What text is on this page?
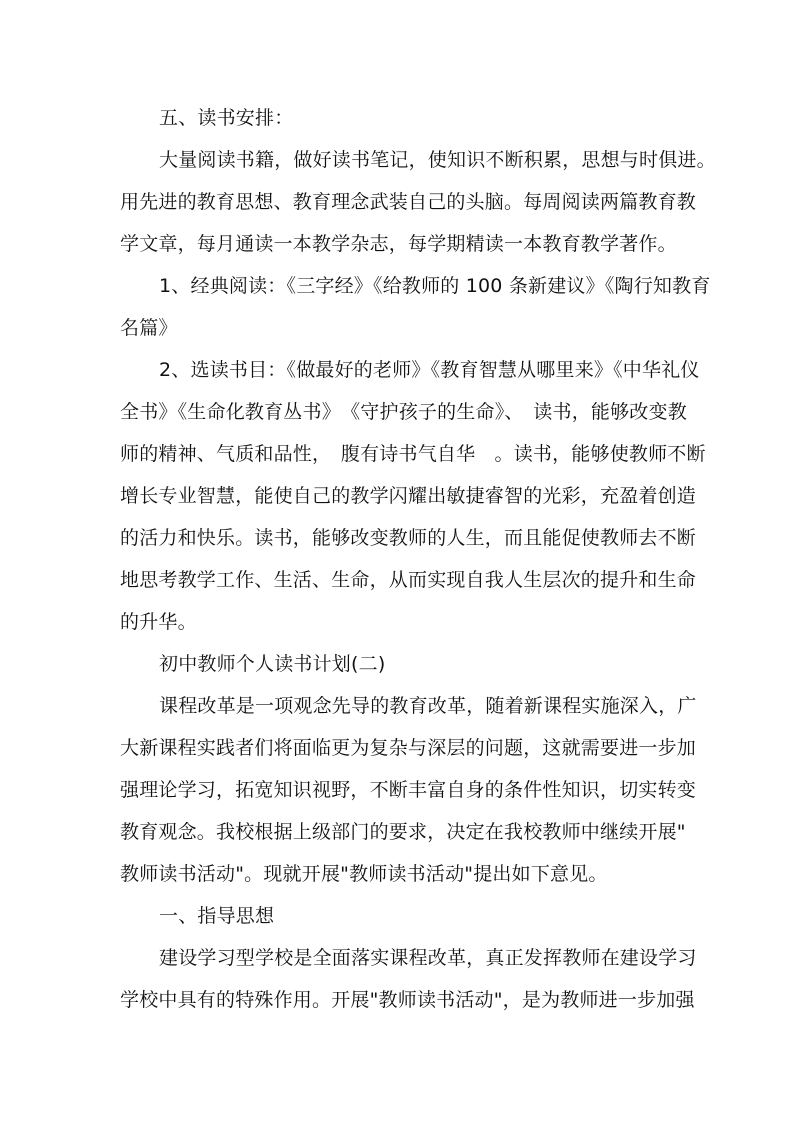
五、读书安排：
大量阅读书籍，做好读书笔记，使知识不断积累，思想与时俱进。
用先进的教育思想、教育理念武装自己的头脑。每周阅读两篇教育教
学文章，每月通读一本教学杂志，每学期精读一本教育教学著作。
1、经典阅读：《三字经》《给教师的 100 条新建议》《陶行知教育
名篇》
2、选读书目：《做最好的老师》《教育智慧从哪里来》《中华礼仪
全书》《生命化教育丛书》　《守护孩子的生命》、　读书，能够改变教
师的精神、气质和品性，　腹有诗书气自华　。读书，能够使教师不断
增长专业智慧，能使自己的教学闪耀出敏捷睿智的光彩，充盈着创造
的活力和快乐。读书，能够改变教师的人生，而且能促使教师去不断
地思考教学工作、生活、生命，从而实现自我人生层次的提升和生命
的升华。
初中教师个人读书计划(二)
课程改革是一项观念先导的教育改革，随着新课程实施深入，广
大新课程实践者们将面临更为复杂与深层的问题，这就需要进一步加
强理论学习，拓宽知识视野，不断丰富自身的条件性知识，切实转变
教育观念。我校根据上级部门的要求，决定在我校教师中继续开展"
教师读书活动"。现就开展"教师读书活动"提出如下意见。
一、指导思想
建设学习型学校是全面落实课程改革，真正发挥教师在建设学习
学校中具有的特殊作用。开展"教师读书活动"，是为教师进一步加强
